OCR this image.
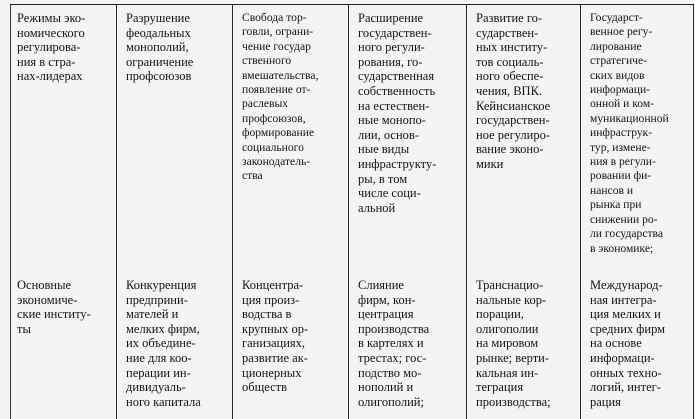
Режимы эко-
номического
регулирова-
ния в стра-
нах-лидерах
Разрушение
феодальных
монополий,
ограничение
профсоюзов
Свобода тор-
говли, ограни-
чение государ
ственного
вмешательства,
появление от-
раслевых
профсоюзов,
формирование
социального
законодатель-
ства
Расширение
государствен-
ного регули-
рования, го-
сударственная
собственность
на естествен-
ные монопо-
лии, основ-
ные виды
инфраструкту-
ры, в том
числе соци-
альной
Развитие го-
сударствен-
ных институ-
тов социаль-
ного обеспе-
чения, ВПК.
Кейнсианское
государствен-
ное регулиро-
вание эконо-
мики
Государст-
венное регу-
лирование
стратегиче-
ских видов
информаци-
онной и ком-
муникационной
инфраструк-
тур, измене-
ния в регули-
ровании фи-
нансов и
рынка при
снижении ро-
ли государства
в экономике;

Основные
экономиче-
ские институ-
ты
Конкуренция
предприни-
мателей и
мелких фирм,
их объедине-
ние для коо-
перации ин-
дивидуаль-
ного капитала
Концентра-
ция произ-
водства в
крупных ор-
ганизациях,
развитие ак-
ционерных
обществ
Слияние
фирм, кон-
центрация
производства
в картелях и
трестах; гос-
подство мо-
нополий и
олигополий;
Транснацио-
нальные кор-
порации,
олигополии
на мировом
рынке; верти-
кальная ин-
теграция
производства;
Международ-
ная интегра-
ция мелких и
средних фирм
на основе
информаци-
онных техно-
логий, интег-
рация
